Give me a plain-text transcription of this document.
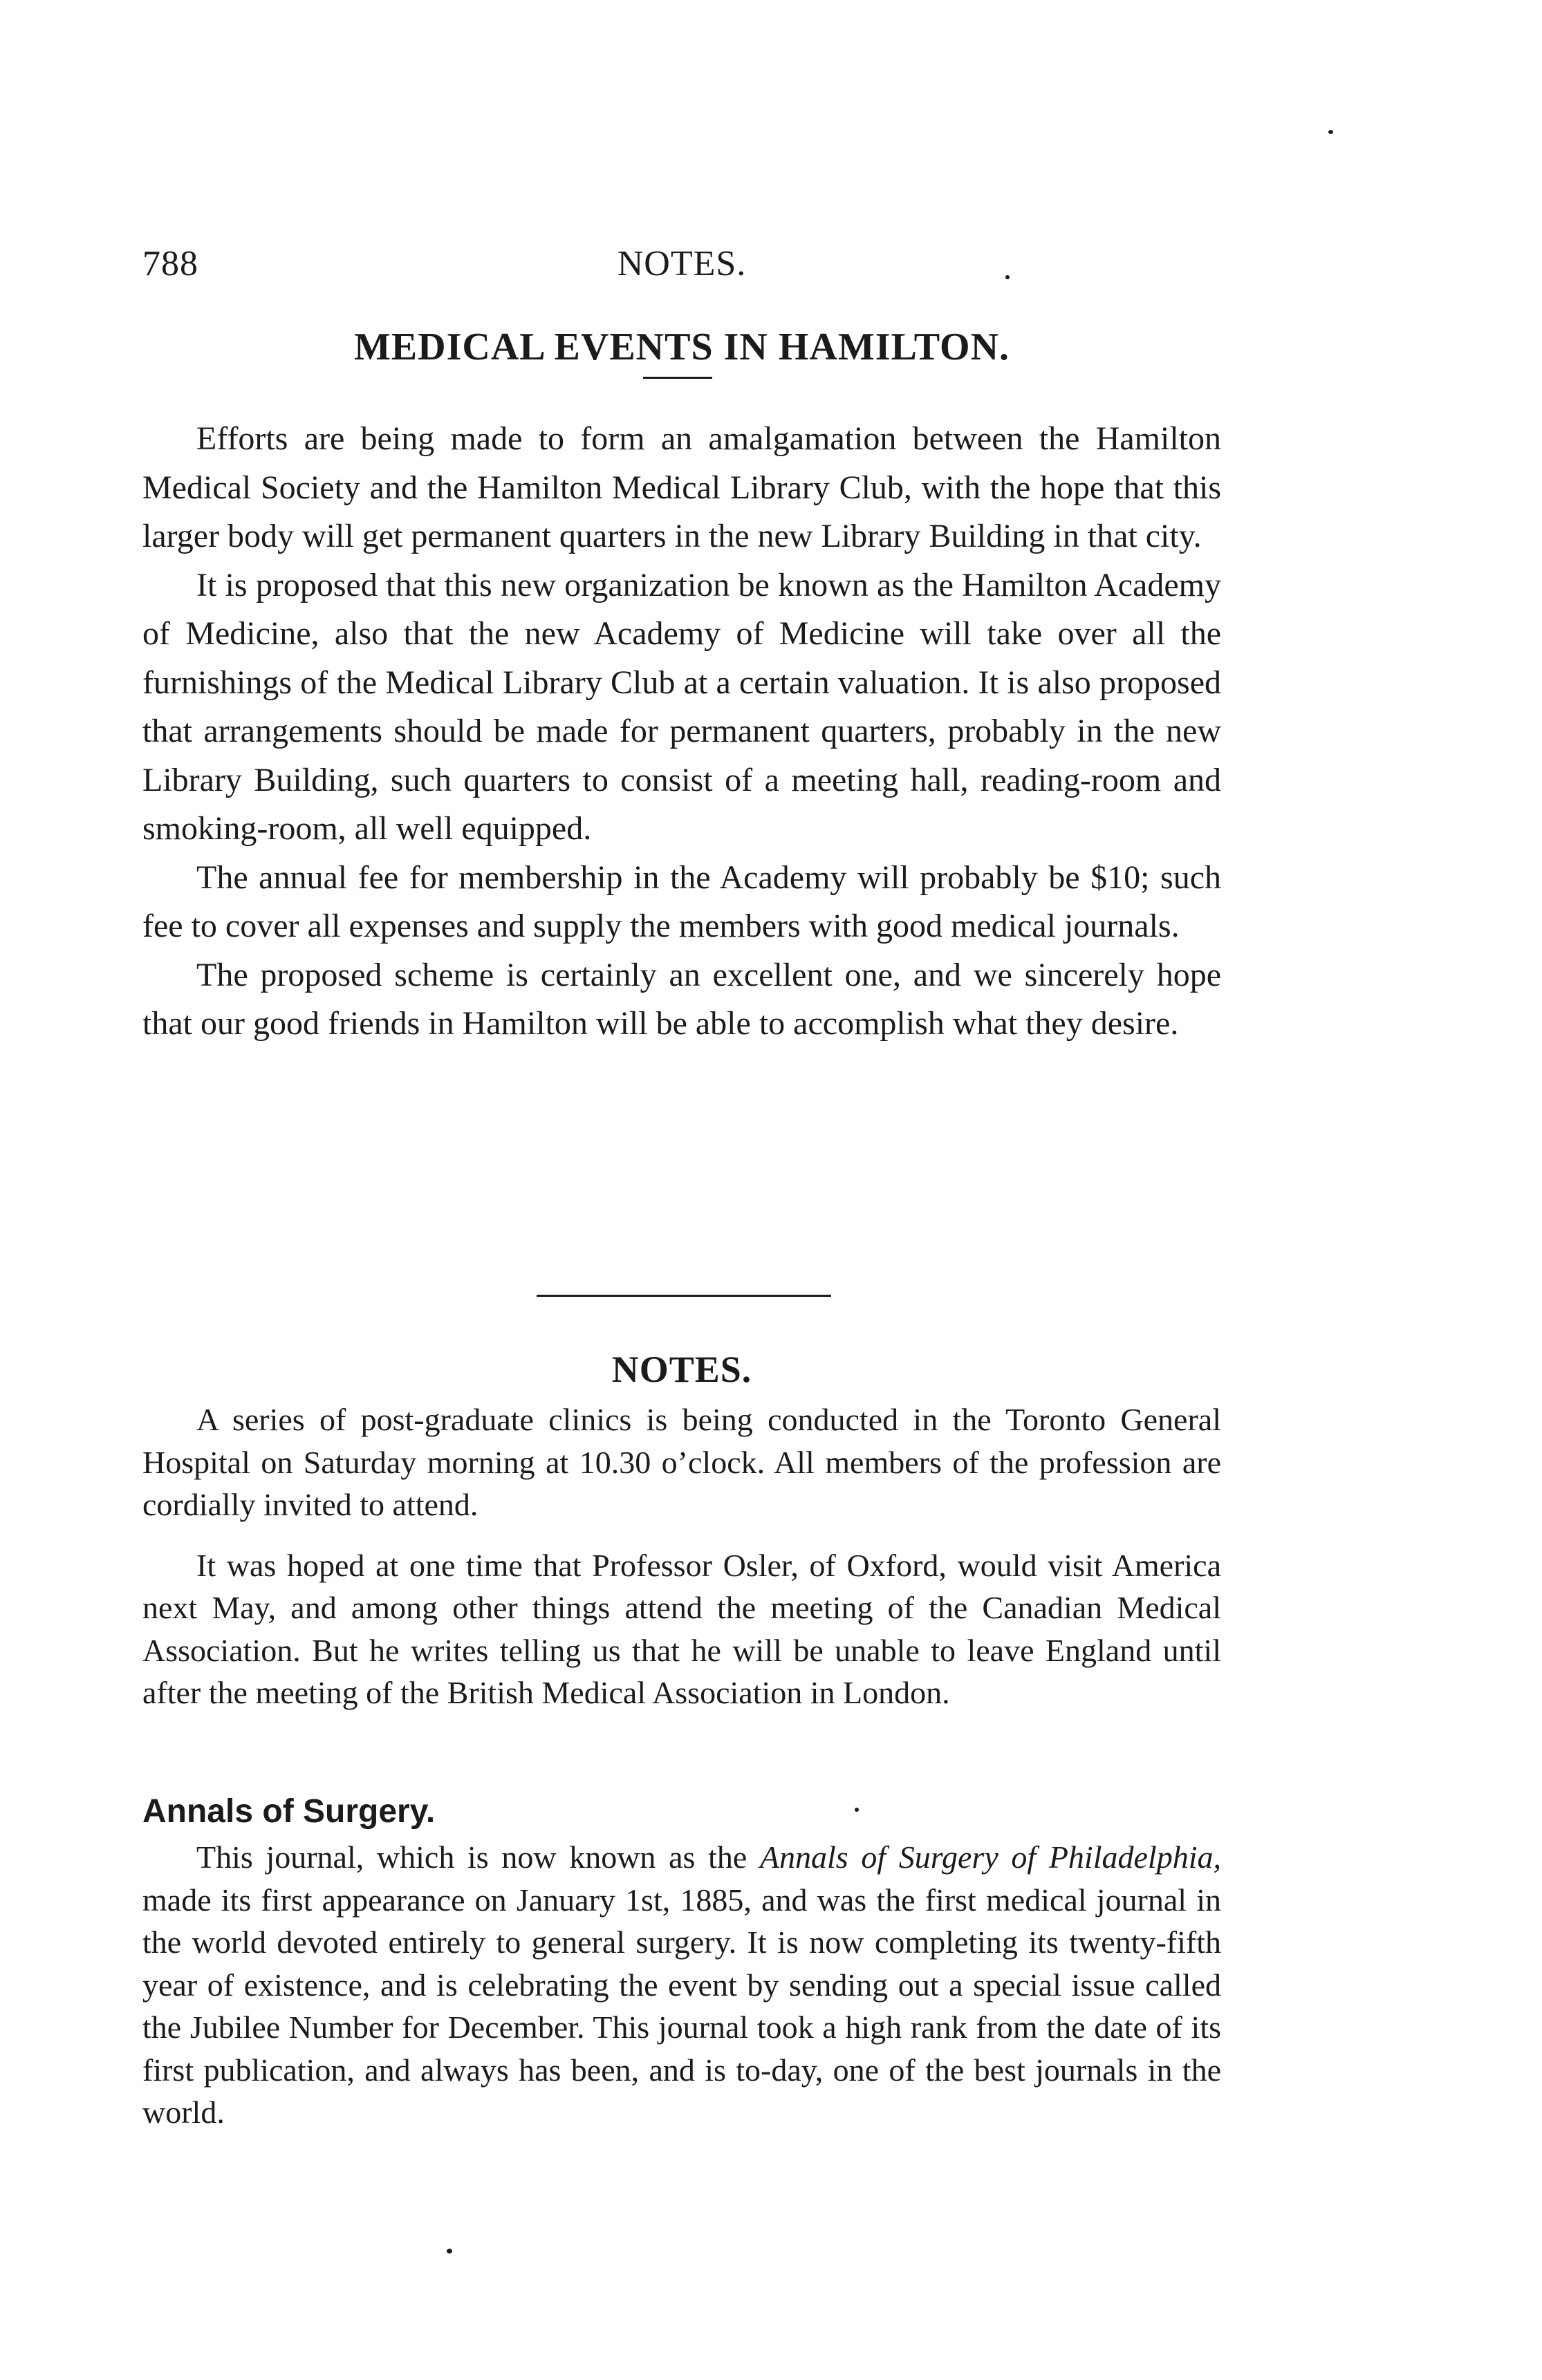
788	NOTES.
MEDICAL EVENTS IN HAMILTON.

Efforts are being made to form an amalgamation between the Hamilton Medical Society and the Hamilton Medical Library Club, with the hope that this larger body will get permanent quarters in the new Library Building in that city.

It is proposed that this new organization be known as the Hamilton Academy of Medicine, also that the new Academy of Medicine will take over all the furnishings of the Medical Library Club at a certain valuation. It is also proposed that arrangements should be made for permanent quarters, probably in the new Library Building, such quarters to consist of a meeting hall, reading-room and smoking-room, all well equipped.

The annual fee for membership in the Academy will probably be $10; such fee to cover all expenses and supply the members with good medical journals.

The proposed scheme is certainly an excellent one, and we sincerely hope that our good friends in Hamilton will be able to accomplish what they desire.

NOTES.

A series of post-graduate clinics is being conducted in the Toronto General Hospital on Saturday morning at 10.30 o’clock. All members of the profession are cordially invited to attend.

It was hoped at one time that Professor Osler, of Oxford, would visit America next May, and among other things attend the meeting of the Canadian Medical Association. But he writes telling us that he will be unable to leave England until after the meeting of the British Medical Association in London.

Annals of Surgery.

This journal, which is now known as the Annals of Surgery of Philadelphia, made its first appearance on January 1st, 1885, and was the first medical journal in the world devoted entirely to general surgery. It is now completing its twenty-fifth year of existence, and is celebrating the event by sending out a special issue called the Jubilee Number for December. This journal took a high rank from the date of its first publication, and always has been, and is to-day, one of the best journals in the world.
